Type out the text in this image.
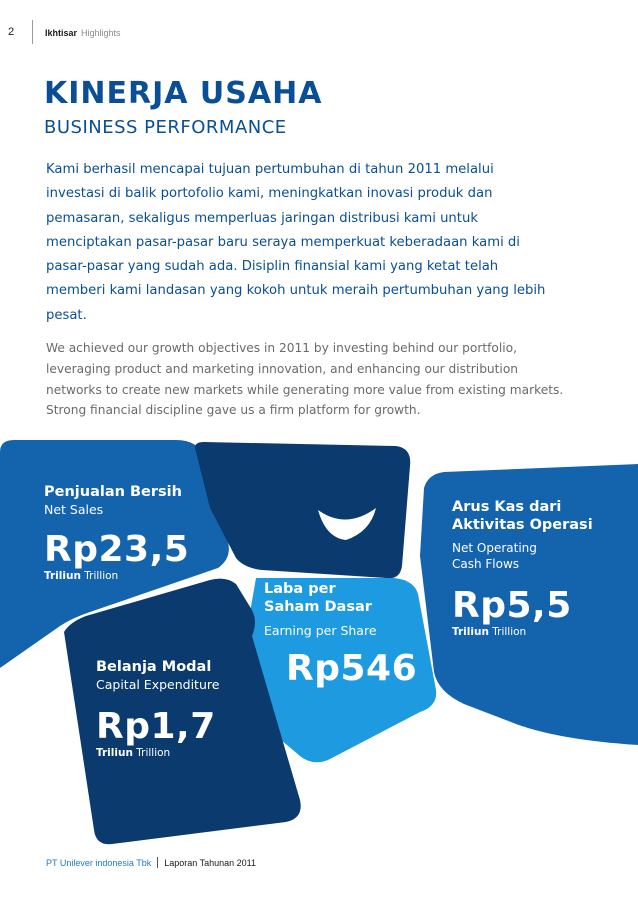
2	Ikhtisar Highlights
KINERJA USAHA
BUSINESS PERFORMANCE
Kami berhasil mencapai tujuan pertumbuhan di tahun 2011 melalui investasi di balik portofolio kami, meningkatkan inovasi produk dan pemasaran, sekaligus memperluas jaringan distribusi kami untuk menciptakan pasar-pasar baru seraya memperkuat keberadaan kami di pasar-pasar yang sudah ada. Disiplin finansial kami yang ketat telah memberi kami landasan yang kokoh untuk meraih pertumbuhan yang lebih pesat.
We achieved our growth objectives in 2011 by investing behind our portfolio, leveraging product and marketing innovation, and enhancing our distribution networks to create new markets while generating more value from existing markets. Strong financial discipline gave us a firm platform for growth.
Penjualan Bersih
Net Sales
Rp23,5
Triliun Trillion
Belanja Modal
Capital Expenditure
Rp1,7
Triliun Trillion
Laba per
Saham Dasar
Earning per Share
Rp546
Arus Kas dari
Aktivitas Operasi
Net Operating
Cash Flows
Rp5,5
Triliun Trillion
PT Unilever indonesia Tbk Laporan Tahunan 2011
